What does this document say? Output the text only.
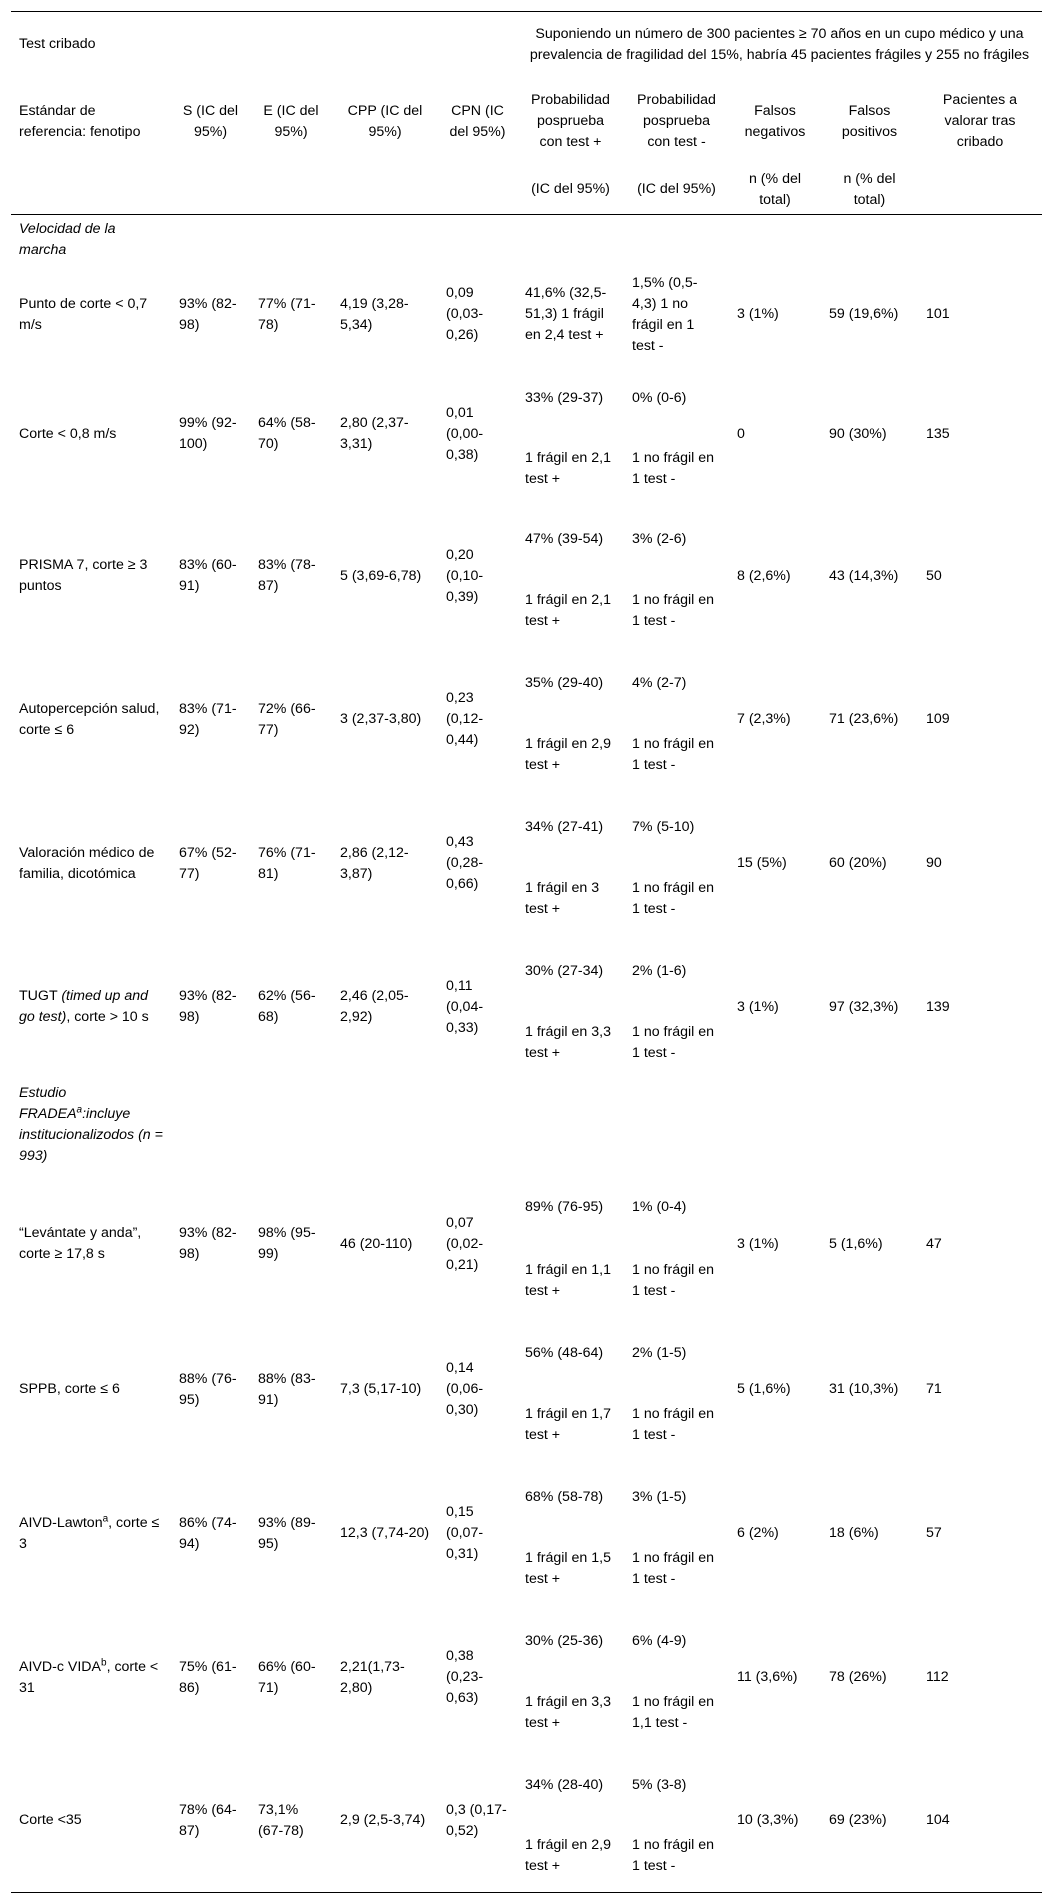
Test cribado					Suponiendo un número de 300 pacientes ≥ 70 años en un cupo médico y una prevalencia de fragilidad del 15%, habría 45 pacientes frágiles y 255 no frágiles				
Estándar de referencia: fenotipo	S (IC del 95%)	E (IC del 95%)	CPP (IC del 95%)	CPN (IC del 95%)	Probabilidad posprueba con test +	Probabilidad posprueba con test -	Falsos negativos	Falsos positivos	Pacientes a valorar tras cribado
					(IC del 95%)	(IC del 95%)	n (% del total)	n (% del total)	
Velocidad de la marcha									
Punto de corte < 0,7 m/s	93% (82-98)	77% (71-78)	4,19 (3,28-5,34)	0,09 (0,03-0,26)	41,6% (32,5-51,3) 1 frágil en 2,4 test +	1,5% (0,5-4,3) 1 no frágil en 1 test -	3 (1%)	59 (19,6%)	101
Corte < 0,8 m/s	99% (92-100)	64% (58-70)	2,80 (2,37-3,31)	0,01 (0,00-0,38)	33% (29-37)	0% (0-6)	0	90 (30%)	135
					1 frágil en 2,1 test +	1 no frágil en 1 test -			
PRISMA 7, corte ≥ 3 puntos	83% (60-91)	83% (78-87)	5 (3,69-6,78)	0,20 (0,10-0,39)	47% (39-54)	3% (2-6)	8 (2,6%)	43 (14,3%)	50
					1 frágil en 2,1 test +	1 no frágil en 1 test -			
Autopercepción salud, corte ≤ 6	83% (71-92)	72% (66-77)	3 (2,37-3,80)	0,23 (0,12-0,44)	35% (29-40)	4% (2-7)	7 (2,3%)	71 (23,6%)	109
					1 frágil en 2,9 test +	1 no frágil en 1 test -			
Valoración médico de familia, dicotómica	67% (52-77)	76% (71-81)	2,86 (2,12-3,87)	0,43 (0,28-0,66)	34% (27-41)	7% (5-10)	15 (5%)	60 (20%)	90
					1 frágil en 3 test +	1 no frágil en 1 test -			
TUGT (timed up and go test), corte > 10 s	93% (82-98)	62% (56-68)	2,46 (2,05-2,92)	0,11 (0,04-0,33)	30% (27-34)	2% (1-6)	3 (1%)	97 (32,3%)	139
					1 frágil en 3,3 test +	1 no frágil en 1 test -			
Estudio FRADEA$^a$:incluye institucionalizodos (n = 993)									
“Levántate y anda”, corte ≥ 17,8 s	93% (82-98)	98% (95-99)	46 (20-110)	0,07 (0,02-0,21)	89% (76-95)	1% (0-4)	3 (1%)	5 (1,6%)	47
					1 frágil en 1,1 test +	1 no frágil en 1 test -			
SPPB, corte ≤ 6	88% (76-95)	88% (83-91)	7,3 (5,17-10)	0,14 (0,06-0,30)	56% (48-64)	2% (1-5)	5 (1,6%)	31 (10,3%)	71
					1 frágil en 1,7 test +	1 no frágil en 1 test -			
AIVD-Lawton$^a$, corte ≤ 3	86% (74-94)	93% (89-95)	12,3 (7,74-20)	0,15 (0,07-0,31)	68% (58-78)	3% (1-5)	6 (2%)	18 (6%)	57
					1 frágil en 1,5 test +	1 no frágil en 1 test -			
AIVD-c VIDA$^b$, corte < 31	75% (61-86)	66% (60-71)	2,21(1,73-2,80)	0,38 (0,23-0,63)	30% (25-36)	6% (4-9)	11 (3,6%)	78 (26%)	112
					1 frágil en 3,3 test +	1 no frágil en 1,1 test -			
Corte <35	78% (64-87)	73,1% (67-78)	2,9 (2,5-3,74)	0,3 (0,17-0,52)	34% (28-40)	5% (3-8)	10 (3,3%)	69 (23%)	104
					1 frágil en 2,9 test +	1 no frágil en 1 test -			
